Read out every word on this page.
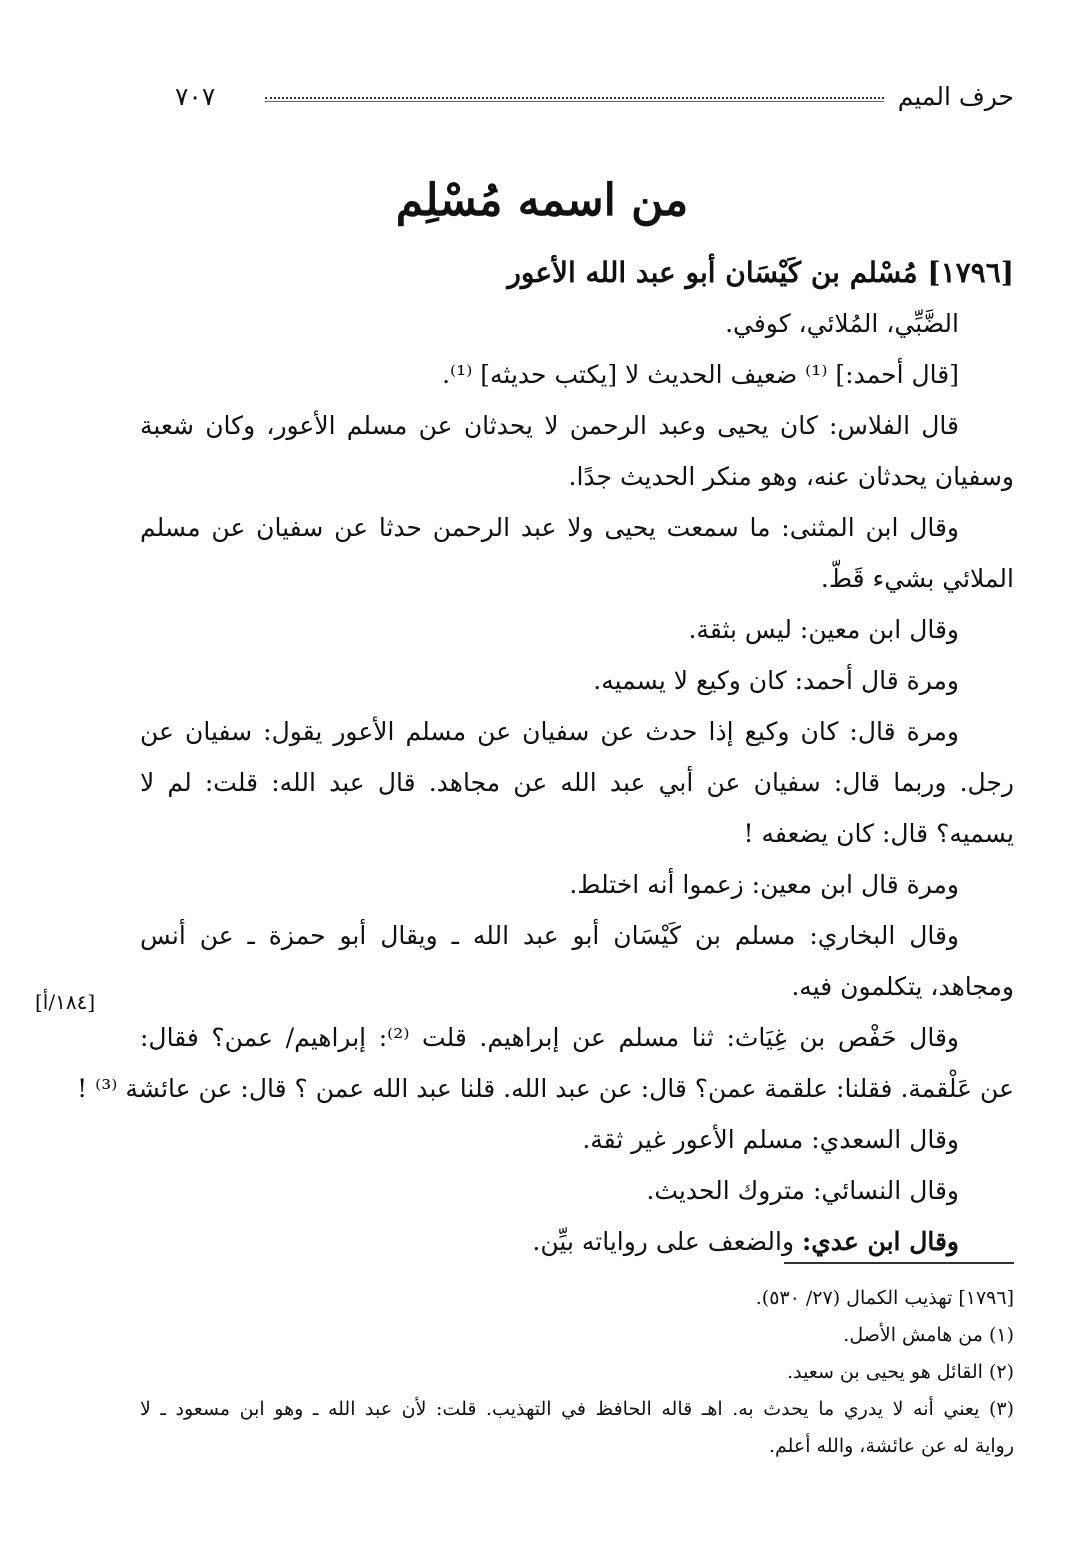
حرف الميم
٧٠٧
من اسمه مُسْلِم
[١٧٩٦] مُسْلم بن كَيْسَان أبو عبد الله الأعور
الضَّبِّي، المُلائي، كوفي.
[قال أحمد:] ⁽¹⁾ ضعيف الحديث لا [يكتب حديثه] ⁽¹⁾.
قال الفلاس: كان يحيى وعبد الرحمن لا يحدثان عن مسلم الأعور، وكان شعبة
وسفيان يحدثان عنه، وهو منكر الحديث جدًا.
وقال ابن المثنى: ما سمعت يحيى ولا عبد الرحمن حدثا عن سفيان عن مسلم
الملائي بشيء قَطّ.
وقال ابن معين: ليس بثقة.
ومرة قال أحمد: كان وكيع لا يسميه.
ومرة قال: كان وكيع إذا حدث عن سفيان عن مسلم الأعور يقول: سفيان عن
رجل. وربما قال: سفيان عن أبي عبد الله عن مجاهد. قال عبد الله: قلت: لم لا
يسميه؟ قال: كان يضعفه !
ومرة قال ابن معين: زعموا أنه اختلط.
وقال البخاري: مسلم بن كَيْسَان أبو عبد الله ـ ويقال أبو حمزة ـ عن أنس
ومجاهد، يتكلمون فيه.
وقال حَفْص بن غِيَاث: ثنا مسلم عن إبراهيم. قلت ⁽²⁾: إبراهيم/ عمن؟ فقال:
عن عَلْقمة. فقلنا: علقمة عمن؟ قال: عن عبد الله. قلنا عبد الله عمن ؟ قال: عن عائشة ⁽³⁾ !
وقال السعدي: مسلم الأعور غير ثقة.
وقال النسائي: متروك الحديث.
وقال ابن عدي: والضعف على رواياته بيِّن.
[١٨٤/أ]
[١٧٩٦] تهذيب الكمال (٢٧/ ٥٣٠).
(١) من هامش الأصل.
(٢) القائل هو يحيى بن سعيد.
(٣) يعني أنه لا يدري ما يحدث به. اهـ قاله الحافظ في التهذيب. قلت: لأن عبد الله ـ وهو ابن مسعود ـ لا
رواية له عن عائشة، والله أعلم.
